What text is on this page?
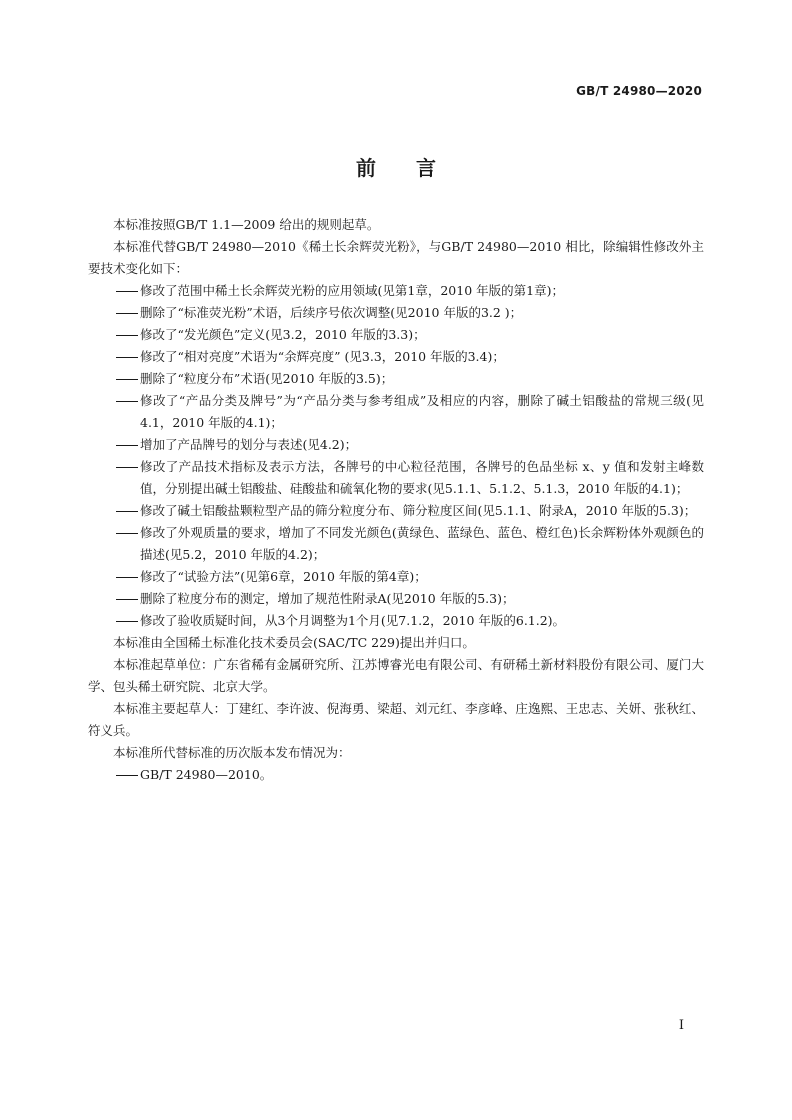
GB/T 24980—2020
前言

本标准按照GB/T 1.1—2009 给出的规则起草。

本标准代替GB/T 24980—2010《稀土长余辉荧光粉》，与GB/T 24980—2010 相比，除编辑性修改外主要技术变化如下：

修改了范围中稀土长余辉荧光粉的应用领域(见第1章，2010 年版的第1章)；

删除了“标准荧光粉”术语，后续序号依次调整(见2010 年版的3.2 )；

修改了“发光颜色”定义(见3.2，2010 年版的3.3)；

修改了“相对亮度”术语为“余辉亮度” (见3.3，2010 年版的3.4)；

删除了“粒度分布”术语(见2010 年版的3.5)；

修改了“产品分类及牌号”为“产品分类与参考组成”及相应的内容，删除了碱土铝酸盐的常规三级(见4.1，2010 年版的4.1)；

增加了产品牌号的划分与表述(见4.2)；

修改了产品技术指标及表示方法，各牌号的中心粒径范围，各牌号的色品坐标 x、y 值和发射主峰数值，分别提出碱土铝酸盐、硅酸盐和硫氧化物的要求(见5.1.1、5.1.2、5.1.3，2010 年版的4.1)；

修改了碱土铝酸盐颗粒型产品的筛分粒度分布、筛分粒度区间(见5.1.1、附录A，2010 年版的5.3)；

修改了外观质量的要求，增加了不同发光颜色(黄绿色、蓝绿色、蓝色、橙红色)长余辉粉体外观颜色的描述(见5.2，2010 年版的4.2)；

修改了“试验方法”(见第6章，2010 年版的第4章)；

删除了粒度分布的测定，增加了规范性附录A(见2010 年版的5.3)；

修改了验收质疑时间，从3个月调整为1个月(见7.1.2，2010 年版的6.1.2)。

本标准由全国稀土标准化技术委员会(SAC/TC 229)提出并归口。

本标准起草单位：广东省稀有金属研究所、江苏博睿光电有限公司、有研稀土新材料股份有限公司、厦门大学、包头稀土研究院、北京大学。

本标准主要起草人：丁建红、李许波、倪海勇、梁超、刘元红、李彦峰、庄逸熙、王忠志、关妍、张秋红、符义兵。

本标准所代替标准的历次版本发布情况为：

GB/T 24980—2010。

I
